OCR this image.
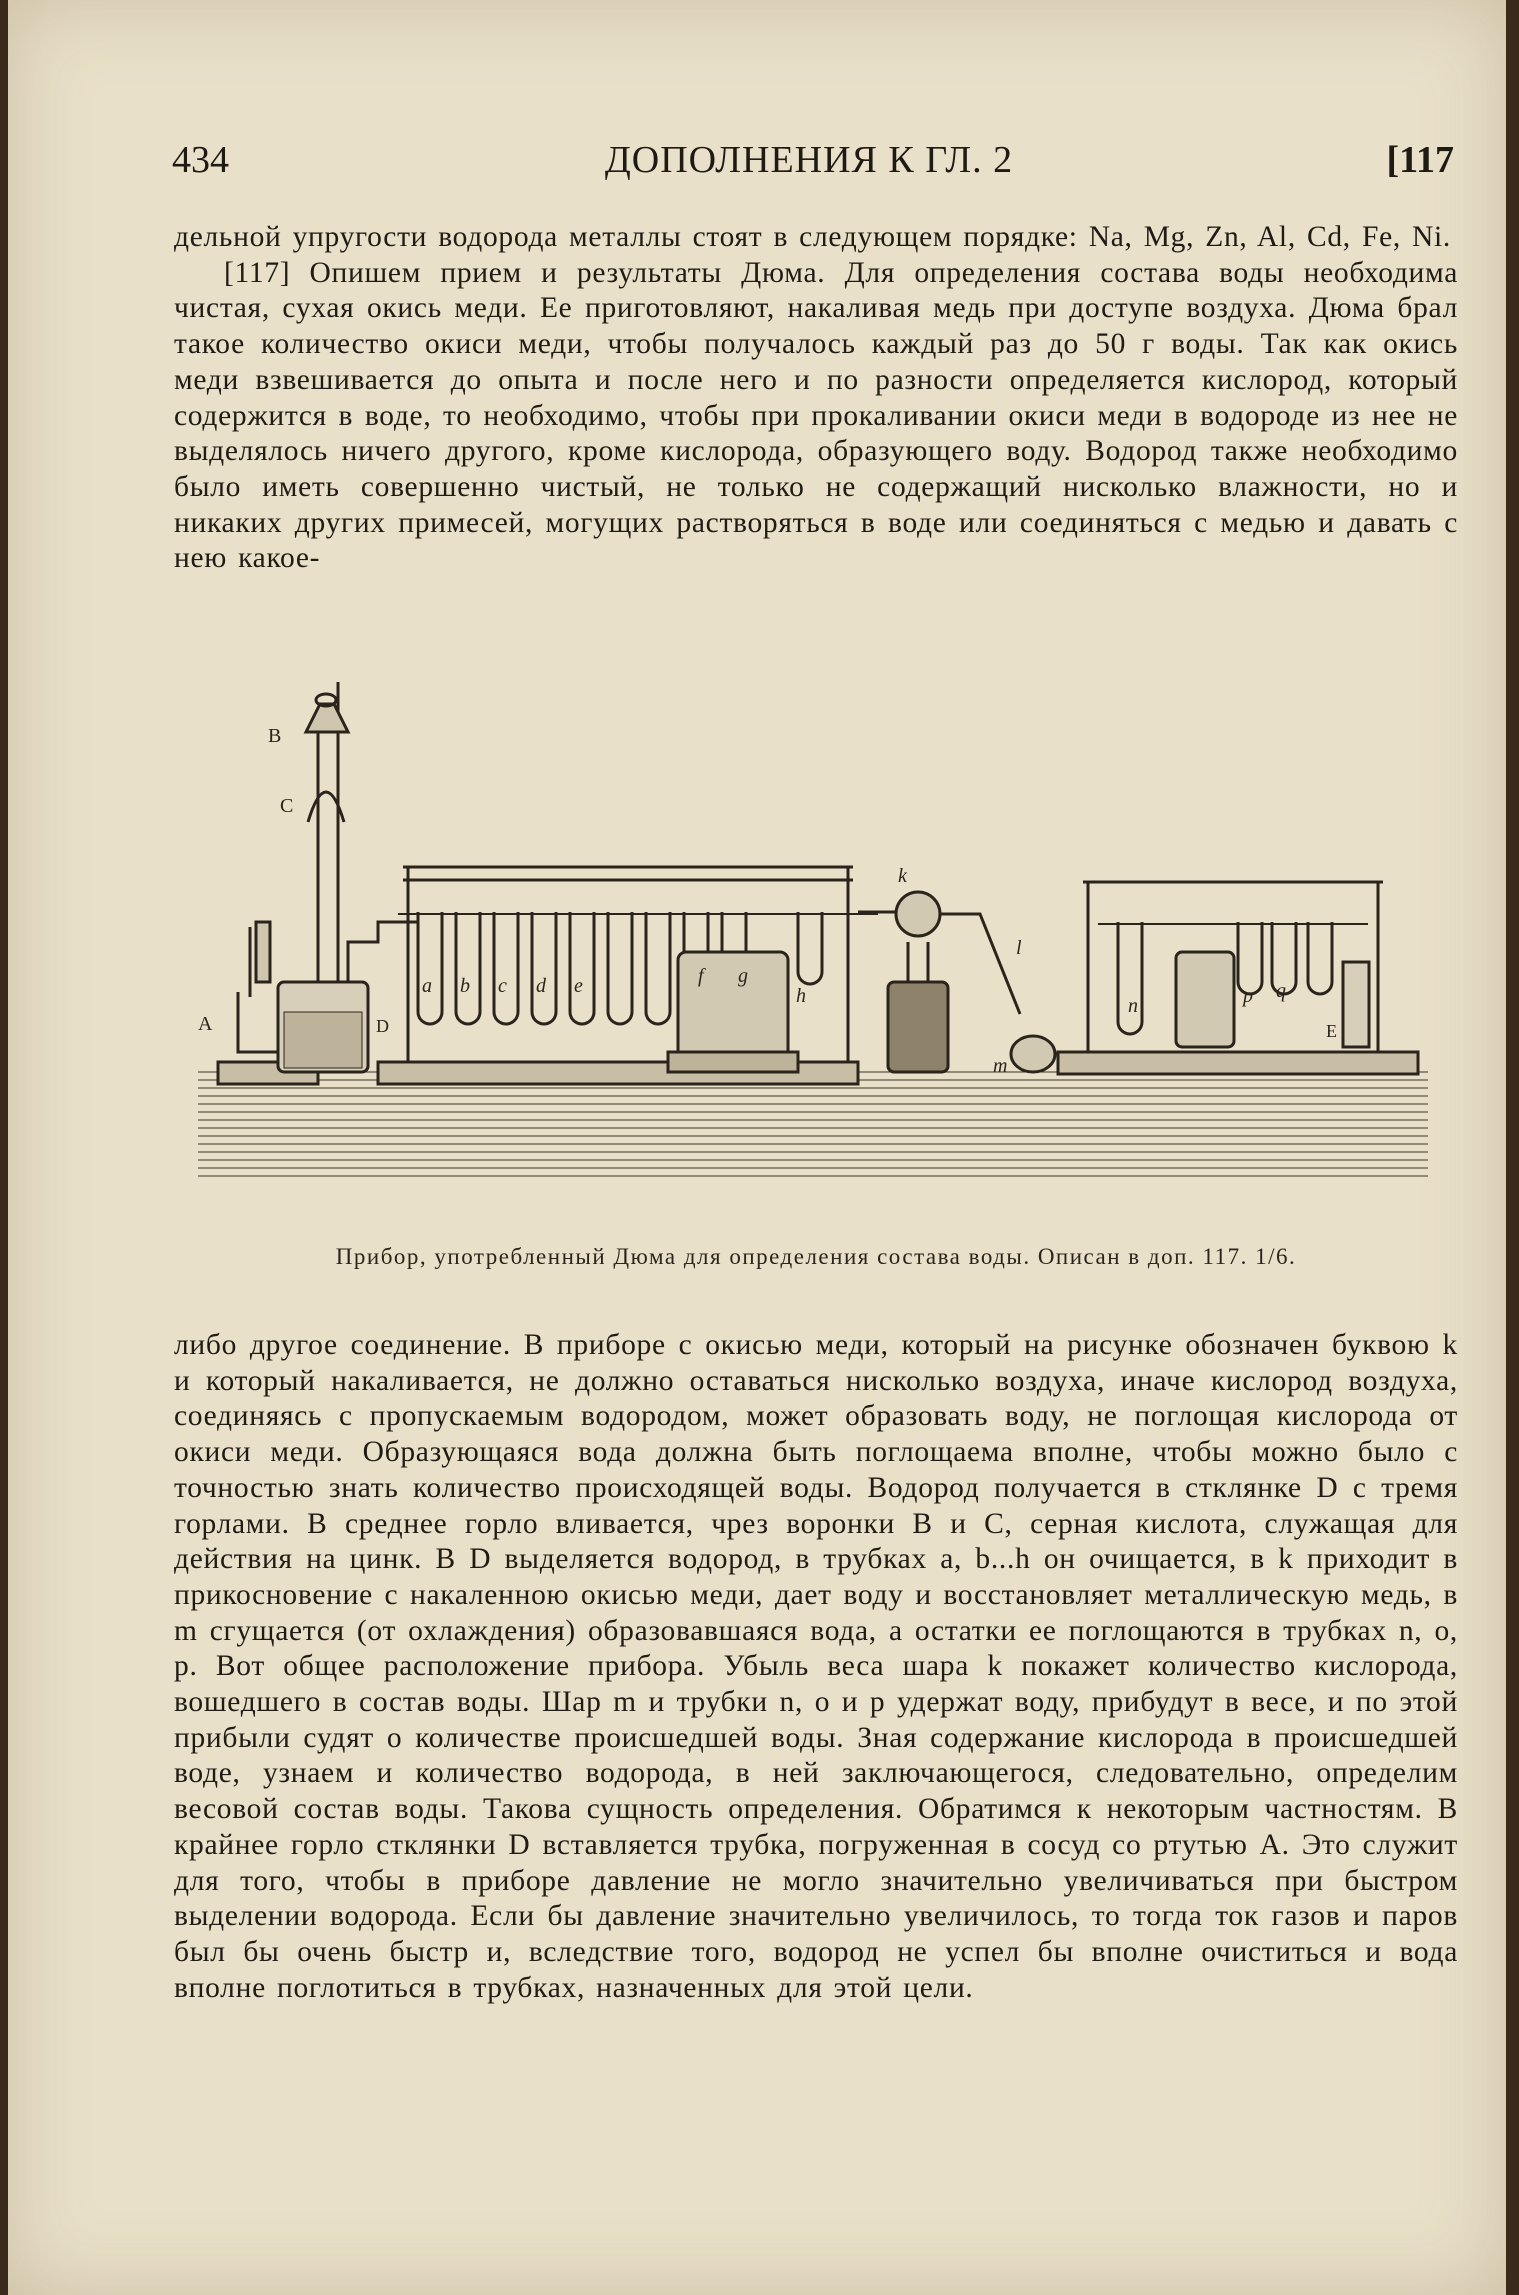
434	ДОПОЛНЕНИЯ К ГЛ. 2	[117

дельной упругости водорода металлы стоят в следующем порядке: Na, Mg, Zn, Al, Cd, Fe, Ni.

[117] Опишем прием и результаты Дюма. Для определения состава воды необходима чистая, сухая окись меди. Ее приготовляют, накаливая медь при доступе воздуха. Дюма брал такое количество окиси меди, чтобы получалось каждый раз до 50 г воды. Так как окись меди взвешивается до опыта и после него и по разности определяется кислород, который содержится в воде, то необходимо, чтобы при прокаливании окиси меди в водороде из нее не выделялось ничего другого, кроме кислорода, образующего воду. Водород также необходимо было иметь совершенно чистый, не только не содержащий нисколько влажности, но и никаких других примесей, могущих растворяться в воде или соединяться с медью и давать с нею какое-

A	D
B
C
a b c d e	f g
h
k
l
m
n	p q
E
Прибор, употребленный Дюма для определения состава воды. Описан в доп. 117. 1/6.

либо другое соединение. В приборе с окисью меди, который на рисунке обозначен буквою k и который накаливается, не должно оставаться нисколько воздуха, иначе кислород воздуха, соединяясь с пропускаемым водородом, может образовать воду, не поглощая кислорода от окиси меди. Образующаяся вода должна быть поглощаема вполне, чтобы можно было с точностью знать количество происходящей воды. Водород получается в стклянке D с тремя горлами. В среднее горло вливается, чрез воронки B и C, серная кислота, служащая для действия на цинк. В D выделяется водород, в трубках a, b...h он очищается, в k приходит в прикосновение с накаленною окисью меди, дает воду и восстановляет металлическую медь, в m сгущается (от охлаждения) образовавшаяся вода, а остатки ее поглощаются в трубках n, o, p. Вот общее расположение прибора. Убыль веса шара k покажет количество кислорода, вошедшего в состав воды. Шар m и трубки n, o и p удержат воду, прибудут в весе, и по этой прибыли судят о количестве происшедшей воды. Зная содержание кислорода в происшедшей воде, узнаем и количество водорода, в ней заключающегося, следовательно, определим весовой состав воды. Такова сущность определения. Обратимся к некоторым частностям. В крайнее горло стклянки D вставляется трубка, погруженная в сосуд со ртутью A. Это служит для того, чтобы в приборе давление не могло значительно увеличиваться при быстром выделении водорода. Если бы давление значительно увеличилось, то тогда ток газов и паров был бы очень быстр и, вследствие того, водород не успел бы вполне очиститься и вода вполне поглотиться в трубках, назначенных для этой цели.
